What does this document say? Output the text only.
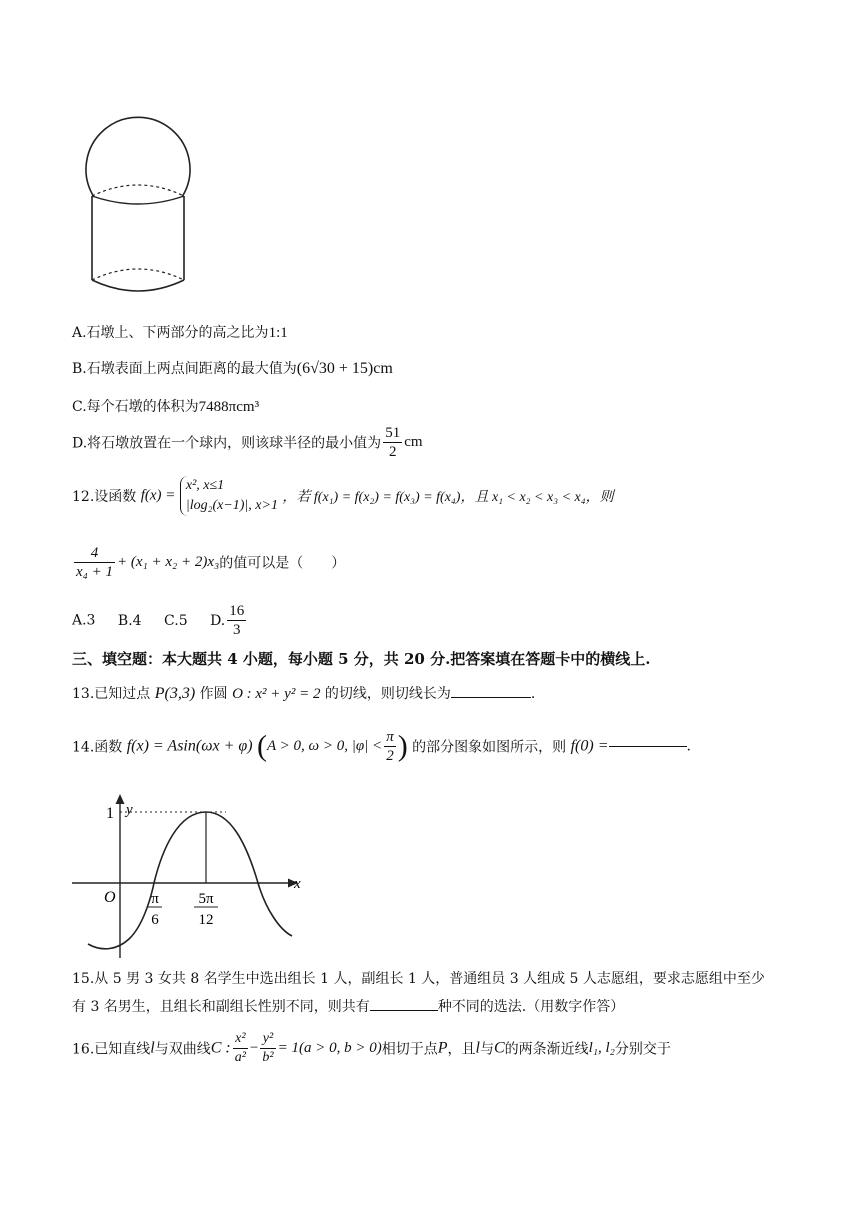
A.石墩上、下两部分的高之比为1:1
B.石墩表面上两点间距离的最大值为(6√30 + 15)cm
C.每个石墩的体积为7488πcm³
D.将石墩放置在一个球内，则该球半径的最小值为 $\frac{51}{2}$ cm
12.设函数 f(x) =
x², x≤1
|log₂(x−1)|, x>1
，若 f(x₁) = f(x₂) = f(x₃) = f(x₄)，且 x₁ < x₂ < x₃ < x₄，则
$\frac{4}{\text{x₄ + 1}} + (x_1 + x_2 + 2)x_3$的值可以是（　　）
A.3 B.4 C.5 D. $\frac{16}{3}$
三、填空题：本大题共 4 小题，每小题 5 分，共 20 分.把答案填在答题卡中的横线上.
13.已知过点 P(3,3) 作圆 O : x² + y² = 2 的切线，则切线长为	.
14.函数 f(x) = Asin(ωx + φ) (A > 0, ω > 0, $|\varphi| < \frac{\pi}{2}$ ) 的部分图象如图所示，则 f(0) =	.
y
x
O
1
π
6
5π
12
15.从 5 男 3 女共 8 名学生中选出组长 1 人，副组长 1 人，普通组员 3 人组成 5 人志愿组，要求志愿组中至少
有 3 名男生，且组长和副组长性别不同，则共有	种不同的选法.（用数字作答）
16.已知直线l与双曲线C : $\frac{\text{x²}}{\text{a²}} - \frac{\text{y²}}{\text{b²}} = 1(a > 0$, b > 0)相切于点P，且l与C的两条渐近线l₁, l₂分别交于
